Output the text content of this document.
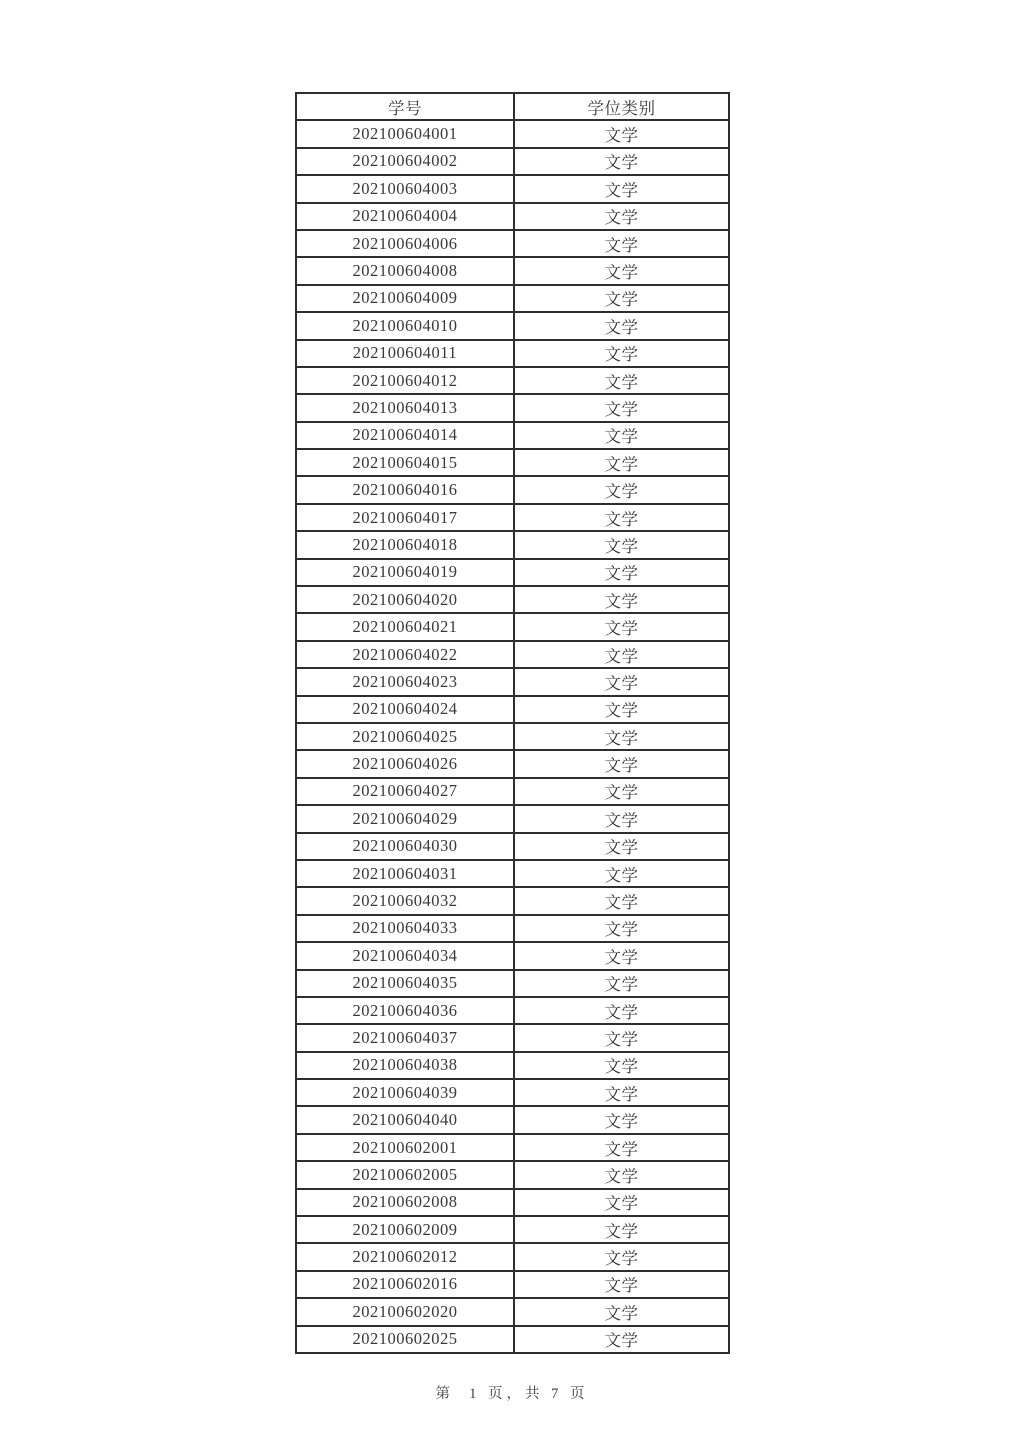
学号	学位类别
202100604001	文学
202100604002	文学
202100604003	文学
202100604004	文学
202100604006	文学
202100604008	文学
202100604009	文学
202100604010	文学
202100604011	文学
202100604012	文学
202100604013	文学
202100604014	文学
202100604015	文学
202100604016	文学
202100604017	文学
202100604018	文学
202100604019	文学
202100604020	文学
202100604021	文学
202100604022	文学
202100604023	文学
202100604024	文学
202100604025	文学
202100604026	文学
202100604027	文学
202100604029	文学
202100604030	文学
202100604031	文学
202100604032	文学
202100604033	文学
202100604034	文学
202100604035	文学
202100604036	文学
202100604037	文学
202100604038	文学
202100604039	文学
202100604040	文学
202100602001	文学
202100602005	文学
202100602008	文学
202100602009	文学
202100602012	文学
202100602016	文学
202100602020	文学
202100602025	文学
第  1 页，共 7 页
